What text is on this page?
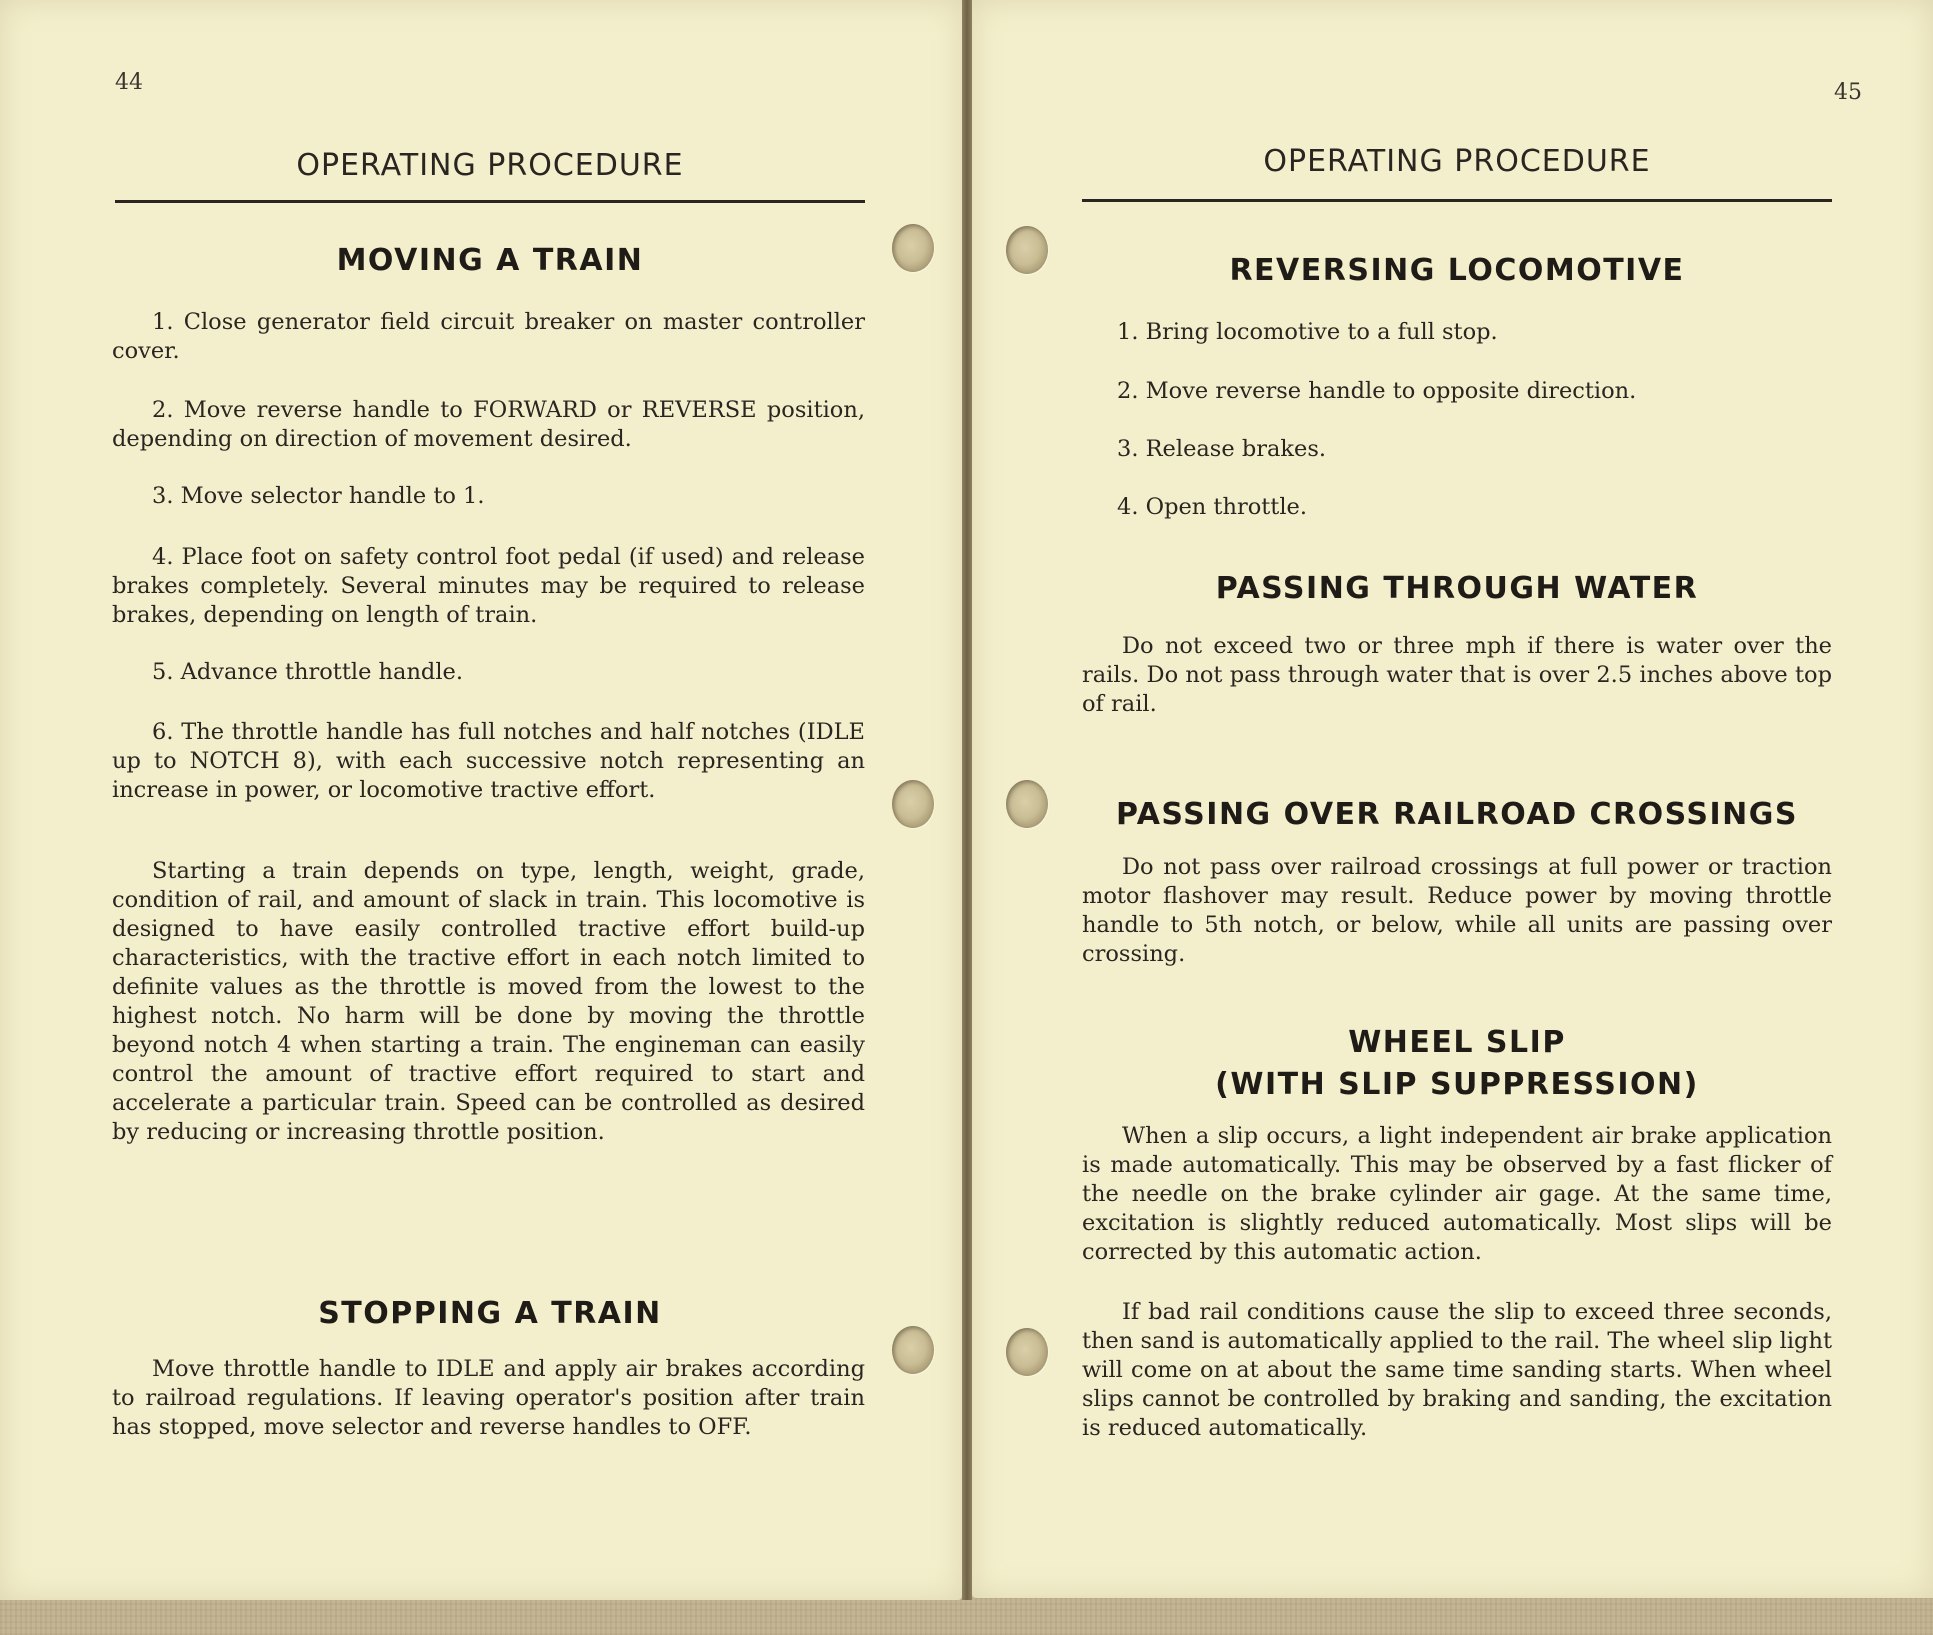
44
OPERATING PROCEDURE
MOVING A TRAIN

1. Close generator field circuit breaker on master controller cover.

2. Move reverse handle to FORWARD or REVERSE position, depending on direction of movement desired.

3. Move selector handle to 1.

4. Place foot on safety control foot pedal (if used) and release brakes completely. Several minutes may be required to release brakes, depending on length of train.

5. Advance throttle handle.

6. The throttle handle has full notches and half notches (IDLE up to NOTCH 8), with each successive notch representing an increase in power, or locomotive tractive effort.

Starting a train depends on type, length, weight, grade, condition of rail, and amount of slack in train. This locomotive is designed to have easily controlled tractive effort build-up characteristics, with the tractive effort in each notch limited to definite values as the throttle is moved from the lowest to the highest notch. No harm will be done by moving the throttle beyond notch 4 when starting a train. The engineman can easily control the amount of tractive effort required to start and accelerate a particular train. Speed can be controlled as desired by reducing or increasing throttle position.

STOPPING A TRAIN

Move throttle handle to IDLE and apply air brakes according to railroad regulations. If leaving operator's position after train has stopped, move selector and reverse handles to OFF.

45
OPERATING PROCEDURE
REVERSING LOCOMOTIVE

1. Bring locomotive to a full stop.

2. Move reverse handle to opposite direction.

3. Release brakes.

4. Open throttle.

PASSING THROUGH WATER

Do not exceed two or three mph if there is water over the rails. Do not pass through water that is over 2.5 inches above top of rail.

PASSING OVER RAILROAD CROSSINGS

Do not pass over railroad crossings at full power or traction motor flashover may result. Reduce power by moving throttle handle to 5th notch, or below, while all units are passing over crossing.

WHEEL SLIP
(WITH SLIP SUPPRESSION)

When a slip occurs, a light independent air brake application is made automatically. This may be observed by a fast flicker of the needle on the brake cylinder air gage. At the same time, excitation is slightly reduced automatically. Most slips will be corrected by this automatic action.

If bad rail conditions cause the slip to exceed three seconds, then sand is automatically applied to the rail. The wheel slip light will come on at about the same time sanding starts. When wheel slips cannot be controlled by braking and sanding, the excitation is reduced automatically.
